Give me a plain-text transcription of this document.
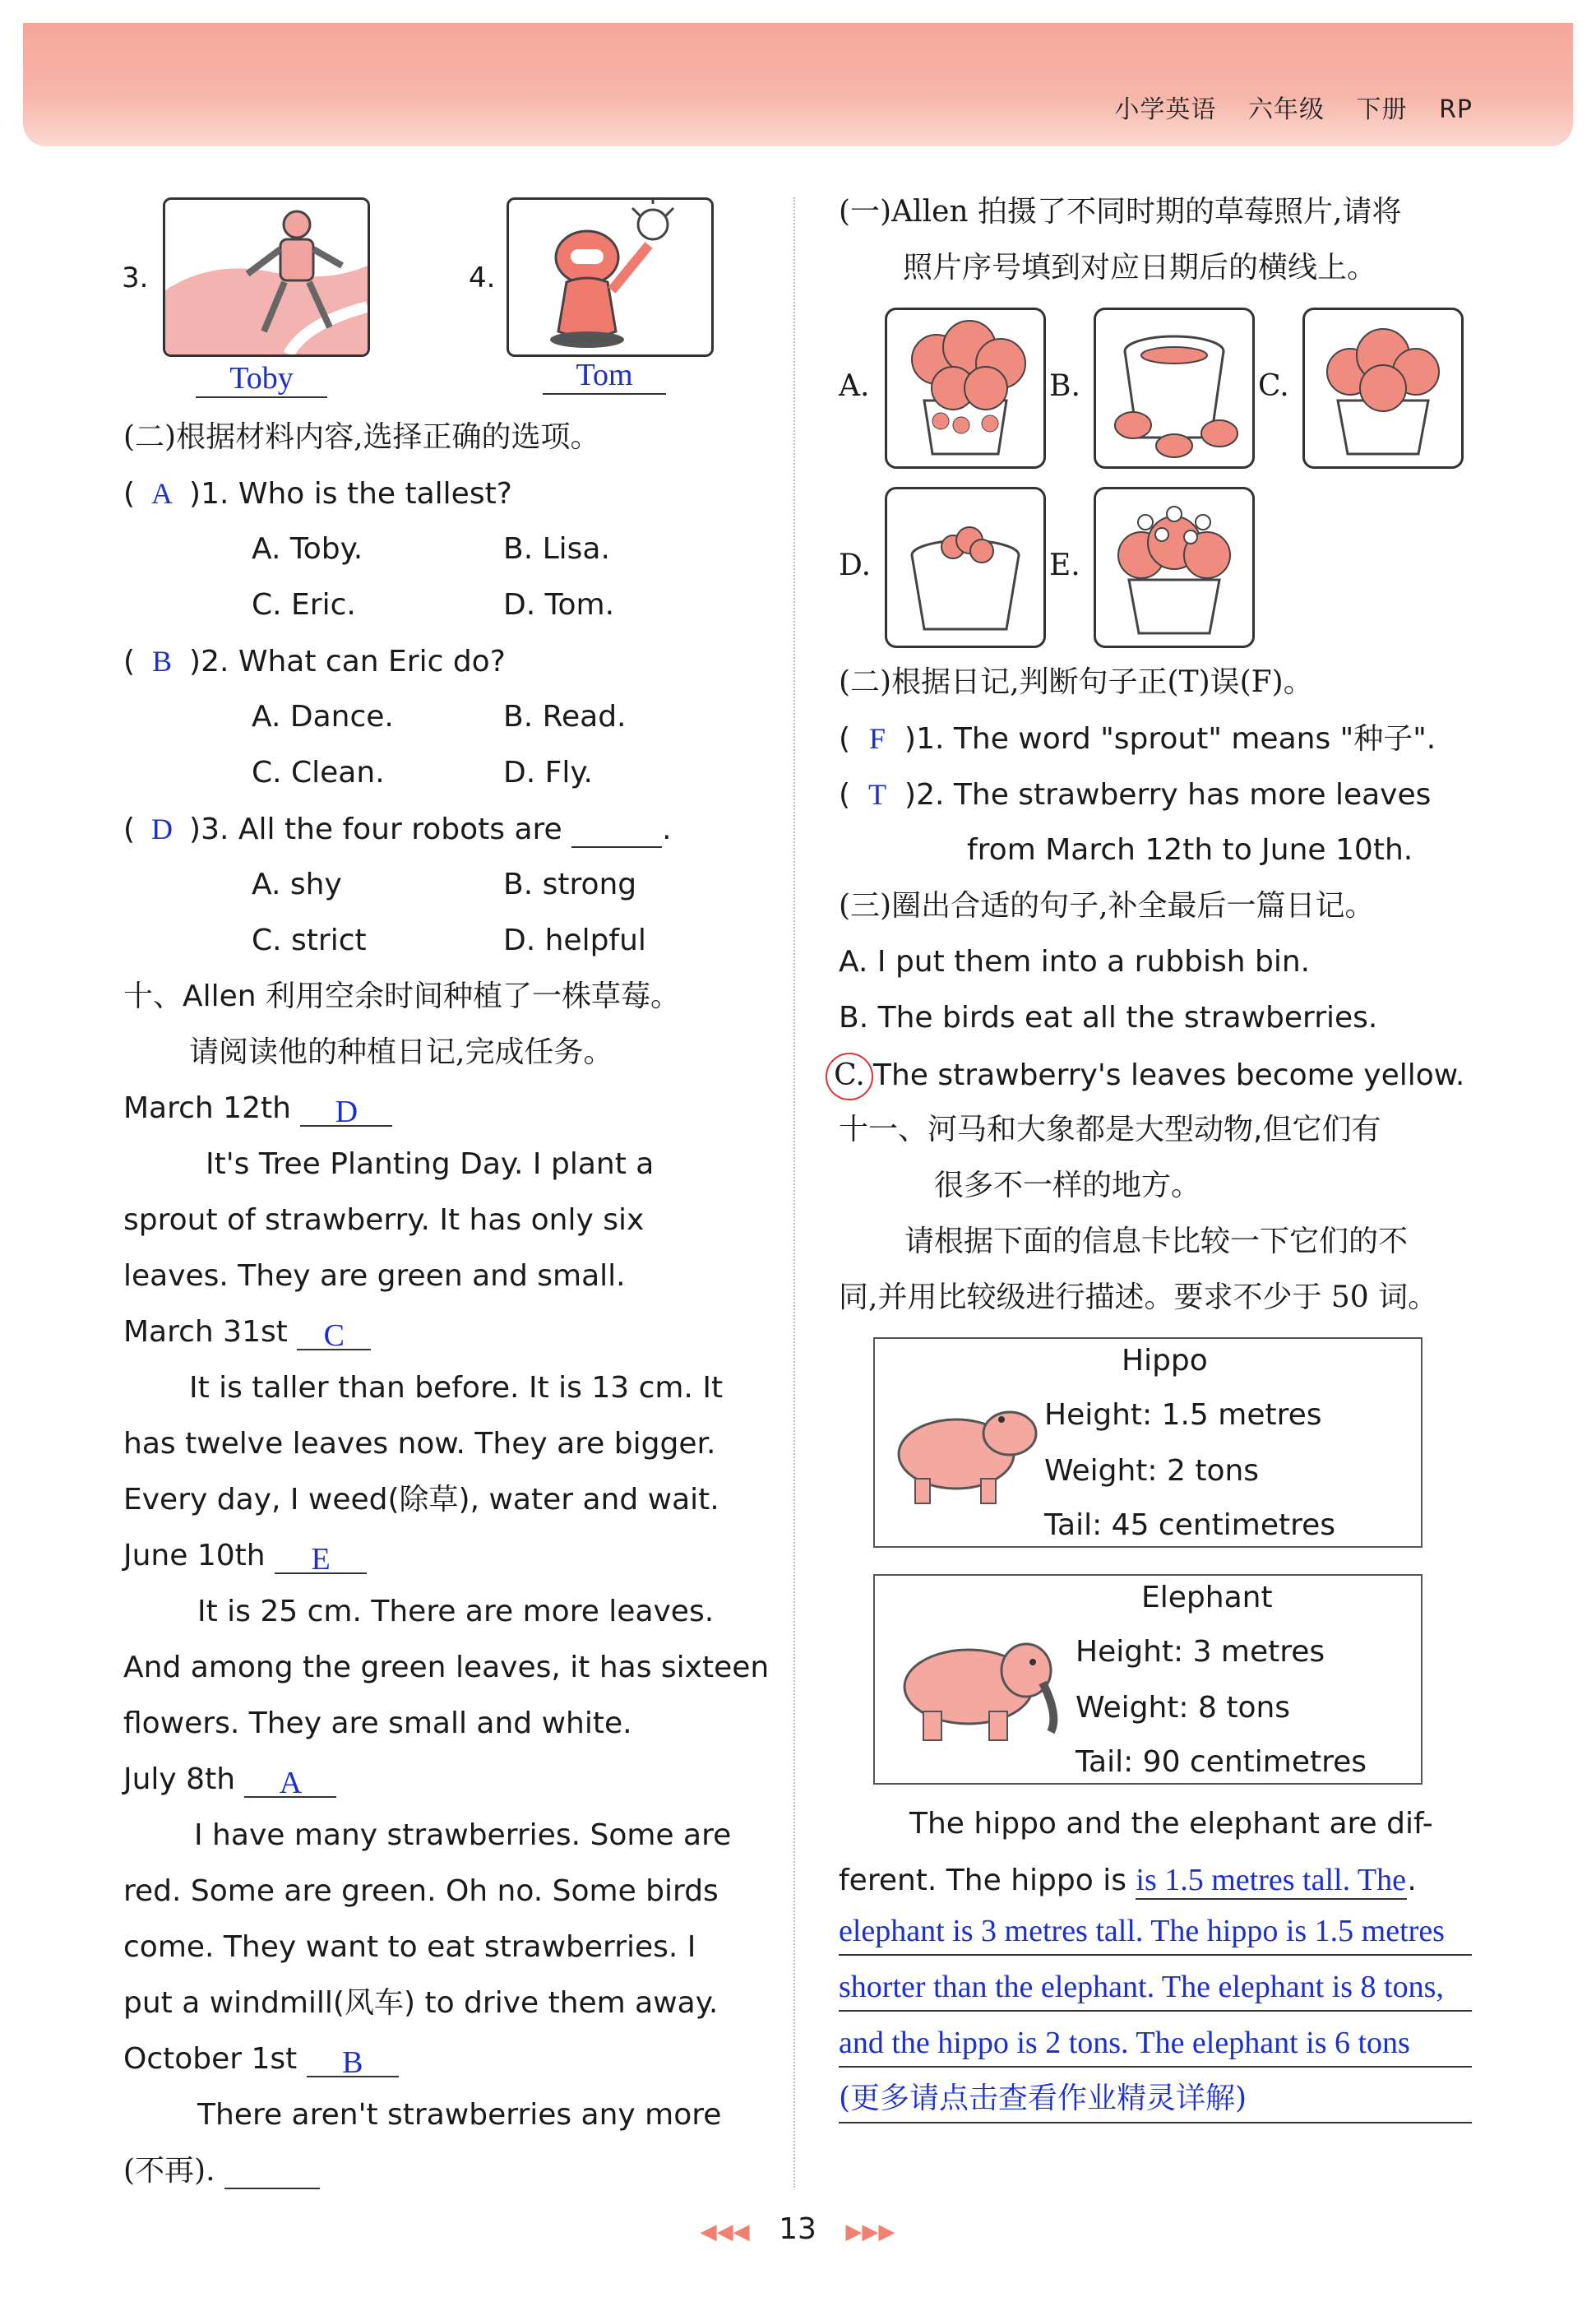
小学英语 六年级 下册 RP
3.
Toby
4.
Tom
(二)根据材料内容,选择正确的选项。
( A )1. Who is the tallest?
A. Toby.	B. Lisa.
C. Eric.	D. Tom.
( B )2. What can Eric do?
A. Dance.	B. Read.
C. Clean.	D. Fly.
( D )3. All the four robots are	.
A. shy	B. strong
C. strict	D. helpful
十、Allen 利用空余时间种植了一株草莓。
请阅读他的种植日记,完成任务。
March 12th D
It's Tree Planting Day. I plant a
sprout of strawberry. It has only six
leaves. They are green and small.
March 31st C
It is taller than before. It is 13 cm. It
has twelve leaves now. They are bigger.
Every day, I weed(除草), water and wait.
June 10th E
It is 25 cm. There are more leaves.
And among the green leaves, it has sixteen
flowers. They are small and white.
July 8th A
I have many strawberries. Some are
red. Some are green. Oh no. Some birds
come. They want to eat strawberries. I
put a windmill(风车) to drive them away.
October 1st B
There aren't strawberries any more
(不再).
(一)Allen 拍摄了不同时期的草莓照片,请将
照片序号填到对应日期后的横线上。
A.	B.	C.
D.	E.
(二)根据日记,判断句子正(T)误(F)。
( F )1. The word "sprout" means "种子".
( T )2. The strawberry has more leaves
from March 12th to June 10th.
(三)圈出合适的句子,补全最后一篇日记。
A. I put them into a rubbish bin.
B. The birds eat all the strawberries.
C. The strawberry's leaves become yellow.
十一、河马和大象都是大型动物,但它们有
很多不一样的地方。
请根据下面的信息卡比较一下它们的不
同,并用比较级进行描述。要求不少于 50 词。
Hippo
Height: 1.5 metres
Weight: 2 tons
Tail: 45 centimetres
Elephant
Height: 3 metres
Weight: 8 tons
Tail: 90 centimetres
The hippo and the elephant are dif-
ferent. The hippo is is 1.5 metres tall. The.
elephant is 3 metres tall. The hippo is 1.5 metres
shorter than the elephant. The elephant is 8 tons,
and the hippo is 2 tons. The elephant is 6 tons
(更多请点击查看作业精灵详解)
◀◀◀ 13 ▶▶▶
